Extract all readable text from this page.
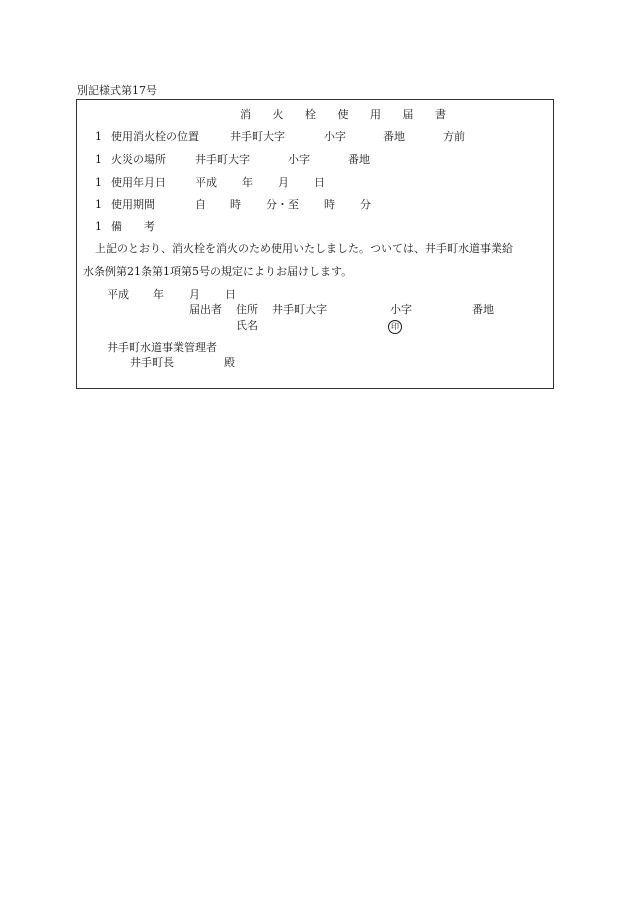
別記様式第17号
消 火 栓 使 用 届 書
1 使用消火栓の位置	井手町大字	小字	番地	方前
1 火災の場所	井手町大字	小字	番地
1 使用年月日	平成 年 月 日
1 使用期間	自 時 分・至 時 分
1 備　　考
上記のとおり、消火栓を消火のため使用いたしました。ついては、井手町水道事業給
水条例第21条第1項第5号の規定によりお届けします。
平成 年 月 日
届出者 住所 井手町大字	小字	番地
氏名	印
井手町水道事業管理者
井手町長	殿
